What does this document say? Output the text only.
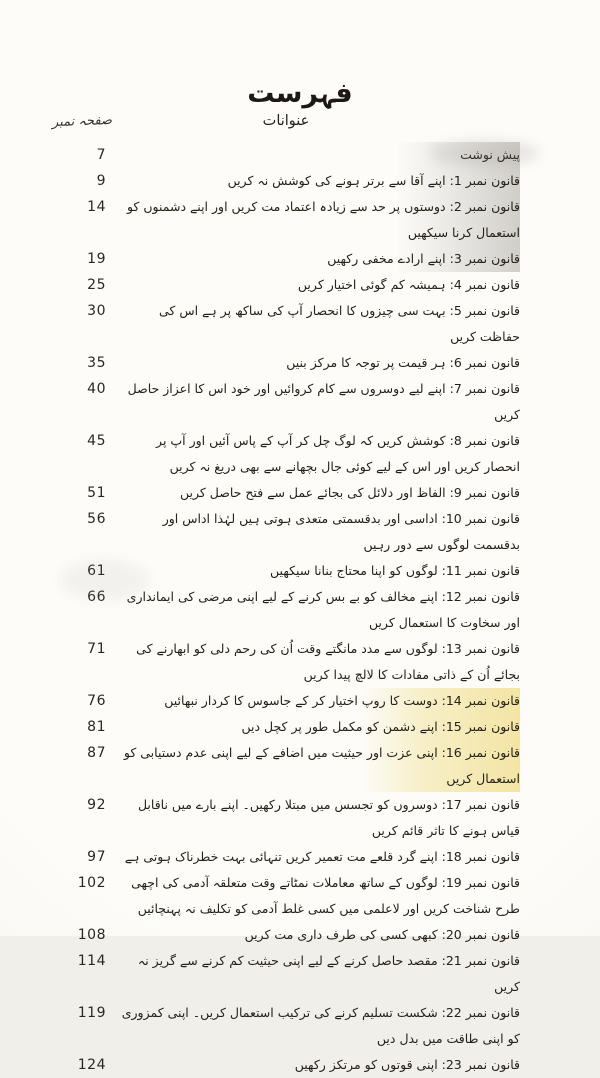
فہرست
صفحہ نمبر	عنوانات
7	پیش نوشت
9	قانون نمبر 1: اپنے آقا سے برتر ہونے کی کوشش نہ کریں
14	قانون نمبر 2: دوستوں پر حد سے زیادہ اعتماد مت کریں اور اپنے دشمنوں کو استعمال کرنا سیکھیں
19	قانون نمبر 3: اپنے ارادے مخفی رکھیں
25	قانون نمبر 4: ہمیشہ کم گوئی اختیار کریں
30	قانون نمبر 5: بہت سی چیزوں کا انحصار آپ کی ساکھ پر ہے اس کی حفاظت کریں
35	قانون نمبر 6: ہر قیمت پر توجہ کا مرکز بنیں
40	قانون نمبر 7: اپنے لیے دوسروں سے کام کروائیں اور خود اس کا اعزاز حاصل کریں
45	قانون نمبر 8: کوشش کریں کہ لوگ چل کر آپ کے پاس آئیں اور آپ پر انحصار کریں اور اس کے لیے کوئی جال بچھانے سے بھی دریغ نہ کریں
51	قانون نمبر 9: الفاظ اور دلائل کی بجائے عمل سے فتح حاصل کریں
56	قانون نمبر 10: اداسی اور بدقسمتی متعدی ہوتی ہیں لہٰذا اداس اور بدقسمت لوگوں سے دور رہیں
61	قانون نمبر 11: لوگوں کو اپنا محتاج بنانا سیکھیں
66	قانون نمبر 12: اپنے مخالف کو بے بس کرنے کے لیے اپنی مرضی کی ایمانداری اور سخاوت کا استعمال کریں
71	قانون نمبر 13: لوگوں سے مدد مانگتے وقت اُن کی رحم دلی کو ابھارنے کی بجائے اُن کے ذاتی مفادات کا لالچ پیدا کریں
76	قانون نمبر 14: دوست کا روپ اختیار کر کے جاسوس کا کردار نبھائیں
81	قانون نمبر 15: اپنے دشمن کو مکمل طور پر کچل دیں
87	قانون نمبر 16: اپنی عزت اور حیثیت میں اضافے کے لیے اپنی عدم دستیابی کو استعمال کریں
92	قانون نمبر 17: دوسروں کو تجسس میں مبتلا رکھیں۔ اپنے بارے میں ناقابل قیاس ہونے کا تاثر قائم کریں
97	قانون نمبر 18: اپنے گرد قلعے مت تعمیر کریں تنہائی بہت خطرناک ہوتی ہے
102	قانون نمبر 19: لوگوں کے ساتھ معاملات نمٹاتے وقت متعلقہ آدمی کی اچھی طرح شناخت کریں اور لاعلمی میں کسی غلط آدمی کو تکلیف نہ پہنچائیں
108	قانون نمبر 20: کبھی کسی کی طرف داری مت کریں
114	قانون نمبر 21: مقصد حاصل کرنے کے لیے اپنی حیثیت کم کرنے سے گریز نہ کریں
119 قانون نمبر 22: شکست تسلیم کرنے کی ترکیب استعمال کریں۔ اپنی کمزوری کو اپنی طاقت میں بدل دیں
124	قانون نمبر 23: اپنی قوتوں کو مرتکز رکھیں
